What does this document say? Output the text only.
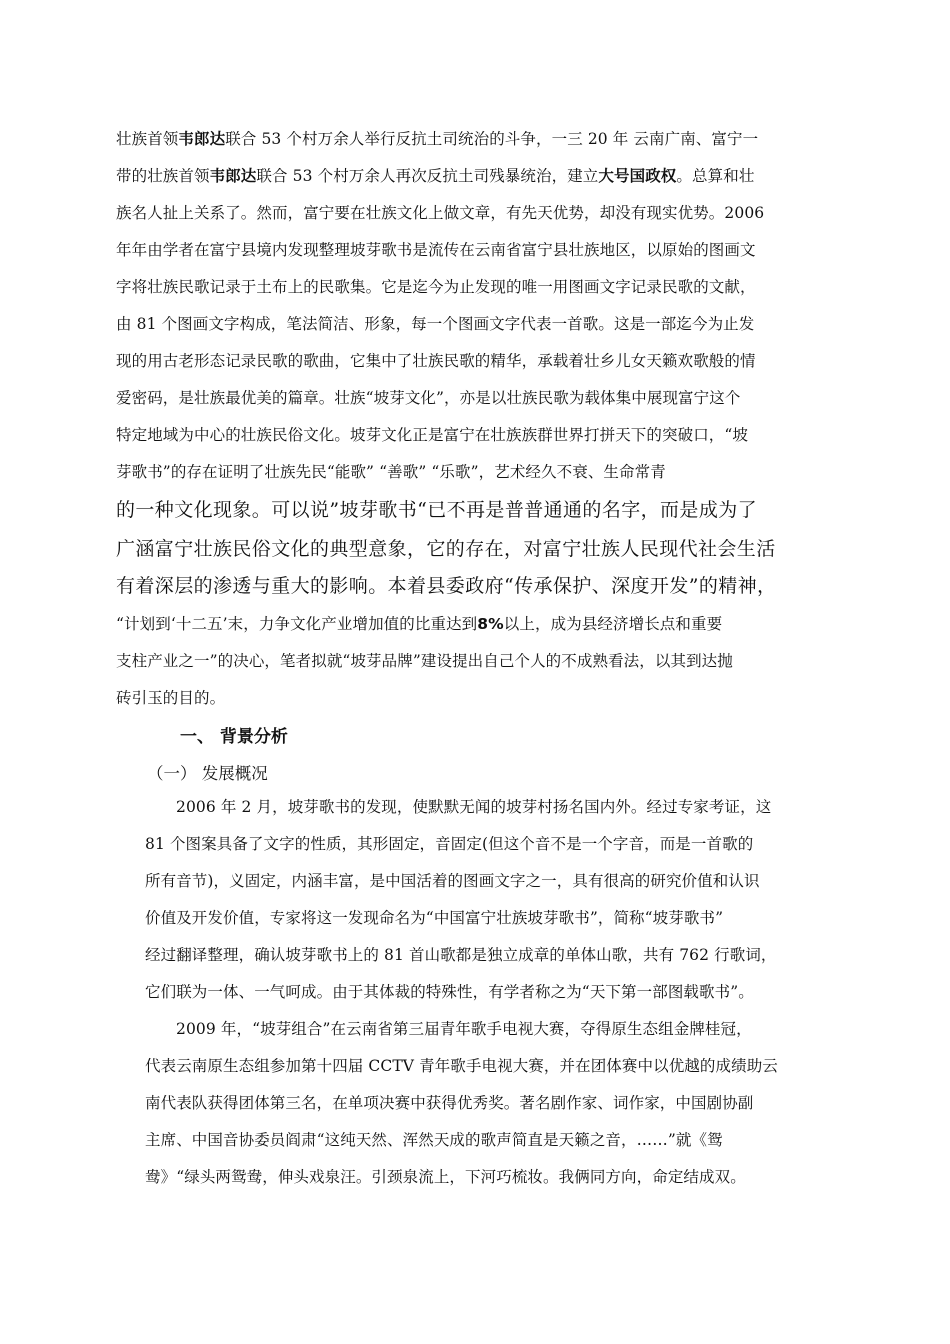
壮族首领韦郎达联合 53 个村万余人举行反抗土司统治的斗争，一三 20 年 云南广南、富宁一
带的壮族首领韦郎达联合 53 个村万余人再次反抗土司残暴统治，建立大号国政权。总算和壮
族名人扯上关系了。然而，富宁要在壮族文化上做文章，有先天优势，却没有现实优势。2006
年年由学者在富宁县境内发现整理坡芽歌书是流传在云南省富宁县壮族地区，以原始的图画文
字将壮族民歌记录于土布上的民歌集。它是迄今为止发现的唯一用图画文字记录民歌的文献，
由 81 个图画文字构成，笔法简洁、形象，每一个图画文字代表一首歌。这是一部迄今为止发
现的用古老形态记录民歌的歌曲，它集中了壮族民歌的精华，承载着壮乡儿女天籁欢歌般的情
爱密码，是壮族最优美的篇章。壮族“坡芽文化”，亦是以壮族民歌为载体集中展现富宁这个
特定地域为中心的壮族民俗文化。坡芽文化正是富宁在壮族族群世界打拼天下的突破口，“坡
芽歌书”的存在证明了壮族先民“能歌” “善歌” “乐歌”，艺术经久不衰、生命常青
的一种文化现象。可以说”坡芽歌书“已不再是普普通通的名字，而是成为了
广涵富宁壮族民俗文化的典型意象，它的存在，对富宁壮族人民现代社会生活
有着深层的渗透与重大的影响。本着县委政府“传承保护、深度开发”的精神，
“计划到‘十二五’末，力争文化产业增加值的比重达到8%以上，成为县经济增长点和重要
支柱产业之一”的决心，笔者拟就“坡芽品牌”建设提出自己个人的不成熟看法，以其到达抛
砖引玉的目的。
一、 背景分析
（一） 发展概况
2006 年 2 月，坡芽歌书的发现，使默默无闻的坡芽村扬名国内外。经过专家考证，这
81 个图案具备了文字的性质，其形固定，音固定(但这个音不是一个字音，而是一首歌的
所有音节)，义固定，内涵丰富，是中国活着的图画文字之一，具有很高的研究价值和认识
价值及开发价值，专家将这一发现命名为“中国富宁壮族坡芽歌书”，简称“坡芽歌书”
经过翻译整理，确认坡芽歌书上的 81 首山歌都是独立成章的单体山歌，共有 762 行歌词，
它们联为一体、一气呵成。由于其体裁的特殊性，有学者称之为“天下第一部图载歌书”。
2009 年，“坡芽组合”在云南省第三届青年歌手电视大赛，夺得原生态组金牌桂冠，
代表云南原生态组参加第十四届 CCTV 青年歌手电视大赛，并在团体赛中以优越的成绩助云
南代表队获得团体第三名，在单项决赛中获得优秀奖。著名剧作家、词作家，中国剧协副
主席、中国音协委员阎肃“这纯天然、浑然天成的歌声简直是天籁之音，……”就《鸳
鸯》“绿头两鸳鸯，伸头戏泉汪。引颈泉流上，下河巧梳妆。我俩同方向，命定结成双。
